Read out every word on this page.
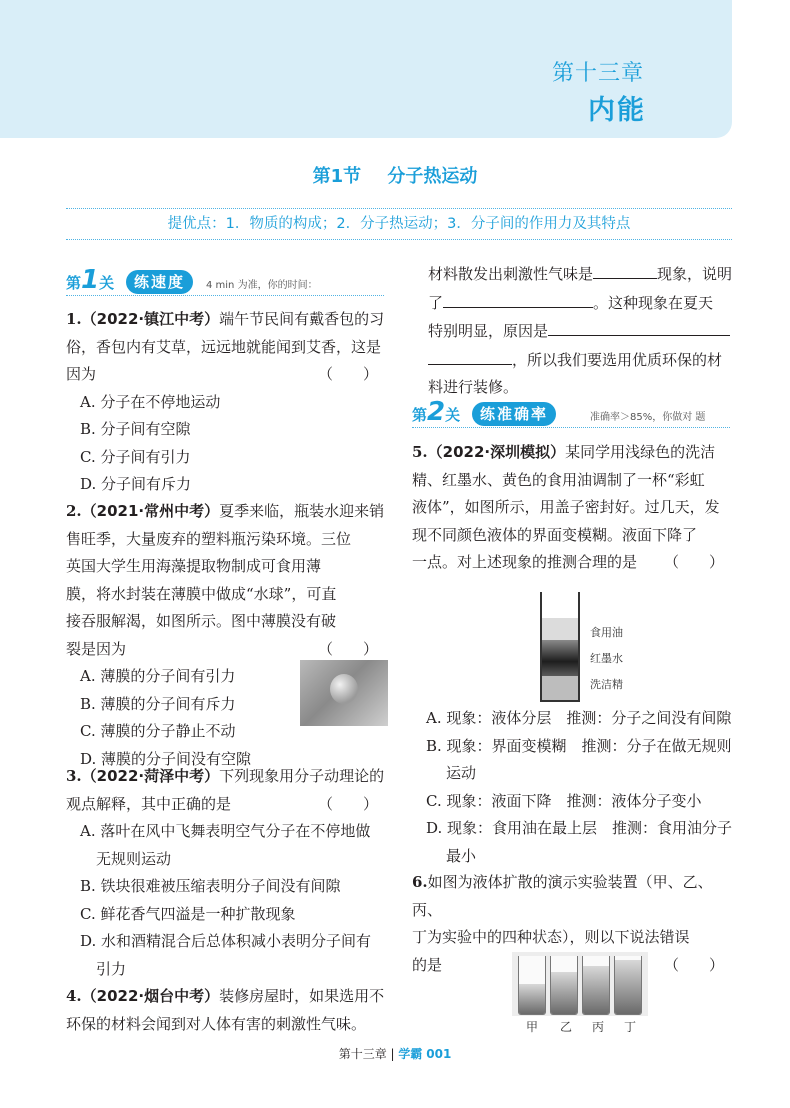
第十三章
内能
第1节 分子热运动
提优点：1．物质的构成；2．分子热运动；3．分子间的作用力及其特点
第1关	练速度	4 min 为准，你的时间：
1.（2022·镇江中考）端午节民间有戴香包的习
俗，香包内有艾草，远远地就能闻到艾香，这是
因为	（　　）
A. 分子在不停地运动
B. 分子间有空隙
C. 分子间有引力
D. 分子间有斥力
2.（2021·常州中考）夏季来临，瓶装水迎来销
售旺季，大量废弃的塑料瓶污染环境。三位
英国大学生用海藻提取物制成可食用薄
膜，将水封装在薄膜中做成“水球”，可直
接吞服解渴，如图所示。图中薄膜没有破
裂是因为	（　　）
A. 薄膜的分子间有引力
B. 薄膜的分子间有斥力
C. 薄膜的分子静止不动
D. 薄膜的分子间没有空隙
3.（2022·菏泽中考）下列现象用分子动理论的
观点解释，其中正确的是	（　　）
A. 落叶在风中飞舞表明空气分子在不停地做
无规则运动
B. 铁块很难被压缩表明分子间没有间隙
C. 鲜花香气四溢是一种扩散现象
D. 水和酒精混合后总体积减小表明分子间有
引力
4.（2022·烟台中考）装修房屋时，如果选用不
环保的材料会闻到对人体有害的刺激性气味。
材料散发出刺激性气味是	现象，说明
了	。这种现象在夏天
特别明显，原因是
，所以我们要选用优质环保的材
料进行装修。
第2关	练准确率	准确率＞85%，你做对 题
5.（2022·深圳模拟）某同学用浅绿色的洗洁
精、红墨水、黄色的食用油调制了一杯“彩虹
液体”，如图所示，用盖子密封好。过几天，发
现不同颜色液体的界面变模糊。液面下降了
一点。对上述现象的推测合理的是 （　　）
食用油
红墨水
洗洁精
A. 现象：液体分层　推测：分子之间没有间隙
B. 现象：界面变模糊　推测：分子在做无规则
运动
C. 现象：液面下降　推测：液体分子变小
D. 现象：食用油在最上层　推测：食用油分子
最小
6.如图为液体扩散的演示实验装置（甲、乙、丙、
丁为实验中的四种状态），则以下说法错误
的是	（　　）
甲 乙 丙 丁
第十三章 | 学霸 001
